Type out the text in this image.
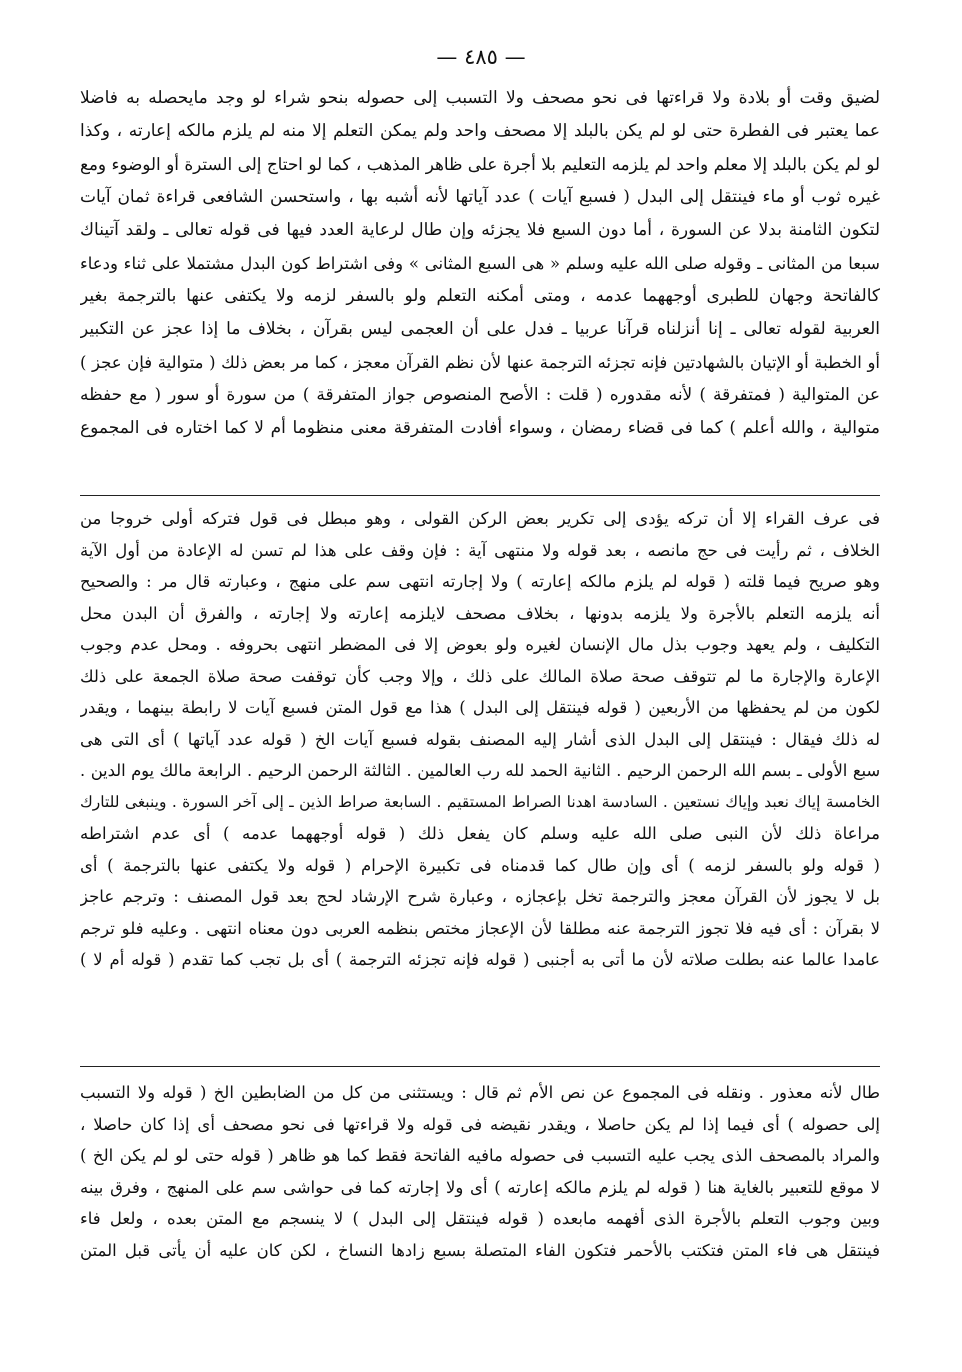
— ٤٨٥ —
لضيق وقت أو بلادة ولا قراءتها فى نحو مصحف ولا التسبب إلى حصوله بنحو شراء لو وجد مايحصله به فاضلا
عما يعتبر فى الفطرة حتى لو لم يكن بالبلد إلا مصحف واحد ولم يمكن التعلم إلا منه لم يلزم مالكه إعارته ، وكذا
لو لم يكن بالبلد إلا معلم واحد لم يلزمه التعليم بلا أجرة على ظاهر المذهب ، كما لو احتاج إلى السترة أو الوضوء ومع
غيره ثوب أو ماء فينتقل إلى البدل ( فسبع آيات ) عدد آياتها لأنه أشبه بها ، واستحسن الشافعى قراءة ثمان آيات
لتكون الثامنة بدلا عن السورة ، أما دون السبع فلا يجزئه وإن طال لرعاية العدد فيها فى قوله تعالى ـ ولقد آتيناك
سبعا من المثانى ـ وقوله صلى الله عليه وسلم « هى السبع المثانى » وفى اشتراط كون البدل مشتملا على ثناء ودعاء
كالفاتحة وجهان للطبرى أوجههما عدمه ، ومتى أمكنه التعلم ولو بالسفر لزمه ولا يكتفى عنها بالترجمة بغير
العربية لقوله تعالى ـ إنا أنزلناه قرآنا عربيا ـ فدل على أن العجمى ليس بقرآن ، بخلاف ما إذا عجز عن التكبير
أو الخطبة أو الإتيان بالشهادتين فإنه تجزئه الترجمة عنها لأن نظم القرآن معجز ، كما مر بعض ذلك ( متوالية فإن عجز )
عن المتوالية ( فمتفرقة ) لأنه مقدوره ( قلت : الأصح المنصوص جواز المتفرقة ) من سورة أو سور ( مع حفظه
متوالية ، والله أعلم ) كما فى قضاء رمضان ، وسواء أفادت المتفرقة معنى منظوما أم لا كما اختاره فى المجموع
فى عرف القراء إلا أن تركه يؤدى إلى تكرير بعض الركن القولى ، وهو مبطل فى قول فتركه أولى خروجا من
الخلاف ، ثم رأيت فى حج مانصه ، بعد قوله ولا منتهى آية : فإن وقف على هذا لم تسن له الإعادة من أول الآية
وهو صريح فيما قلته ( قوله لم يلزم مالكه إعارته ) ولا إجارته انتهى سم على منهج ، وعبارته قال مر : والصحيح
أنه يلزمه التعلم بالأجرة ولا يلزمه بدونها ، بخلاف مصحف لايلزمه إعارته ولا إجارته ، والفرق أن البدن محل
التكليف ، ولم يعهد وجوب بذل مال الإنسان لغيره ولو بعوض إلا فى المضطر انتهى بحروفه . ومحل عدم وجوب
الإعارة والإجارة ما لم تتوقف صحة صلاة المالك على ذلك ، وإلا وجب كأن توقفت صحة صلاة الجمعة على ذلك
لكون من لم يحفظها من الأربعين ( قوله فينتقل إلى البدل ) هذا مع قول المتن فسبع آيات لا رابطة بينهما ، ويقدر
له ذلك فيقال : فينتقل إلى البدل الذى أشار إليه المصنف بقوله فسبع آيات الخ ( قوله عدد آياتها ) أى التى هى
سبع الأولى ـ بسم الله الرحمن الرحيم . الثانية الحمد لله رب العالمين . الثالثة الرحمن الرحيم . الرابعة مالك يوم الدين .
الخامسة إياك نعبد وإياك نستعين . السادسة اهدنا الصراط المستقيم . السابعة صراط الذين ـ إلى آخر السورة . وينبغى للتارك
مراعاة ذلك لأن النبى صلى الله عليه وسلم كان يفعل ذلك ( قوله أوجههما عدمه ) أى عدم اشتراطه
( قوله ولو بالسفر لزمه ) أى وإن طال كما قدمناه فى تكبيرة الإحرام ( قوله ولا يكتفى عنها بالترجمة ) أى
بل لا يجوز لأن القرآن معجز والترجمة تخل بإعجازه ، وعبارة شرح الإرشاد لحج بعد قول المصنف : وترجم عاجز
لا بقرآن : أى فيه فلا تجوز الترجمة عنه مطلقا لأن الإعجاز مختص بنظمه العربى دون معناه انتهى . وعليه فلو ترجم
عامدا عالما عنه بطلت صلاته لأن ما أتى به أجنبى ( قوله فإنه تجزئه الترجمة ) أى بل تجب كما تقدم ( قوله أم لا )
طال لأنه معذور . ونقله فى المجموع عن نص الأم ثم قال : ويستثنى من كل من الضابطين الخ ( قوله ولا التسبب
إلى حصوله ) أى فيما إذا لم يكن حاصلا ، ويقدر نقيضه فى قوله ولا قراءتها فى نحو مصحف أى إذا كان حاصلا ،
والمراد بالمصحف الذى يجب عليه التسبب فى حصوله مافيه الفاتحة فقط كما هو ظاهر ( قوله حتى لو لم يكن الخ )
لا موقع للتعبير بالغاية هنا ( قوله لم يلزم مالكه إعارته ) أى ولا إجارته كما فى حواشى سم على المنهج ، وفرق بينه
وبين وجوب التعلم بالأجرة الذى أفهمه مابعده ( قوله فينتقل إلى البدل ) لا ينسجم مع المتن بعده ، ولعل فاء
فينتقل هى فاء المتن فتكتب بالأحمر فتكون الفاء المتصلة بسبع زادها النساخ ، لكن كان عليه أن يأتى قبل المتن
